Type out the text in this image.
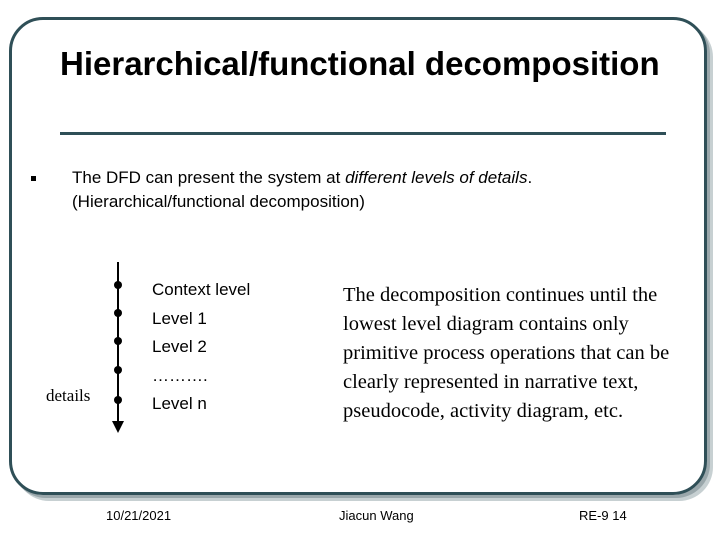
Hierarchical/functional decomposition
The DFD can present the system at different levels of details.
(Hierarchical/functional decomposition)
details
Context level
Level 1
Level 2
……….
Level n
The decomposition continues until the lowest level diagram contains only primitive process operations that can be clearly represented in narrative text, pseudocode, activity diagram, etc.
10/21/2021	Jiacun Wang	RE-9 14
